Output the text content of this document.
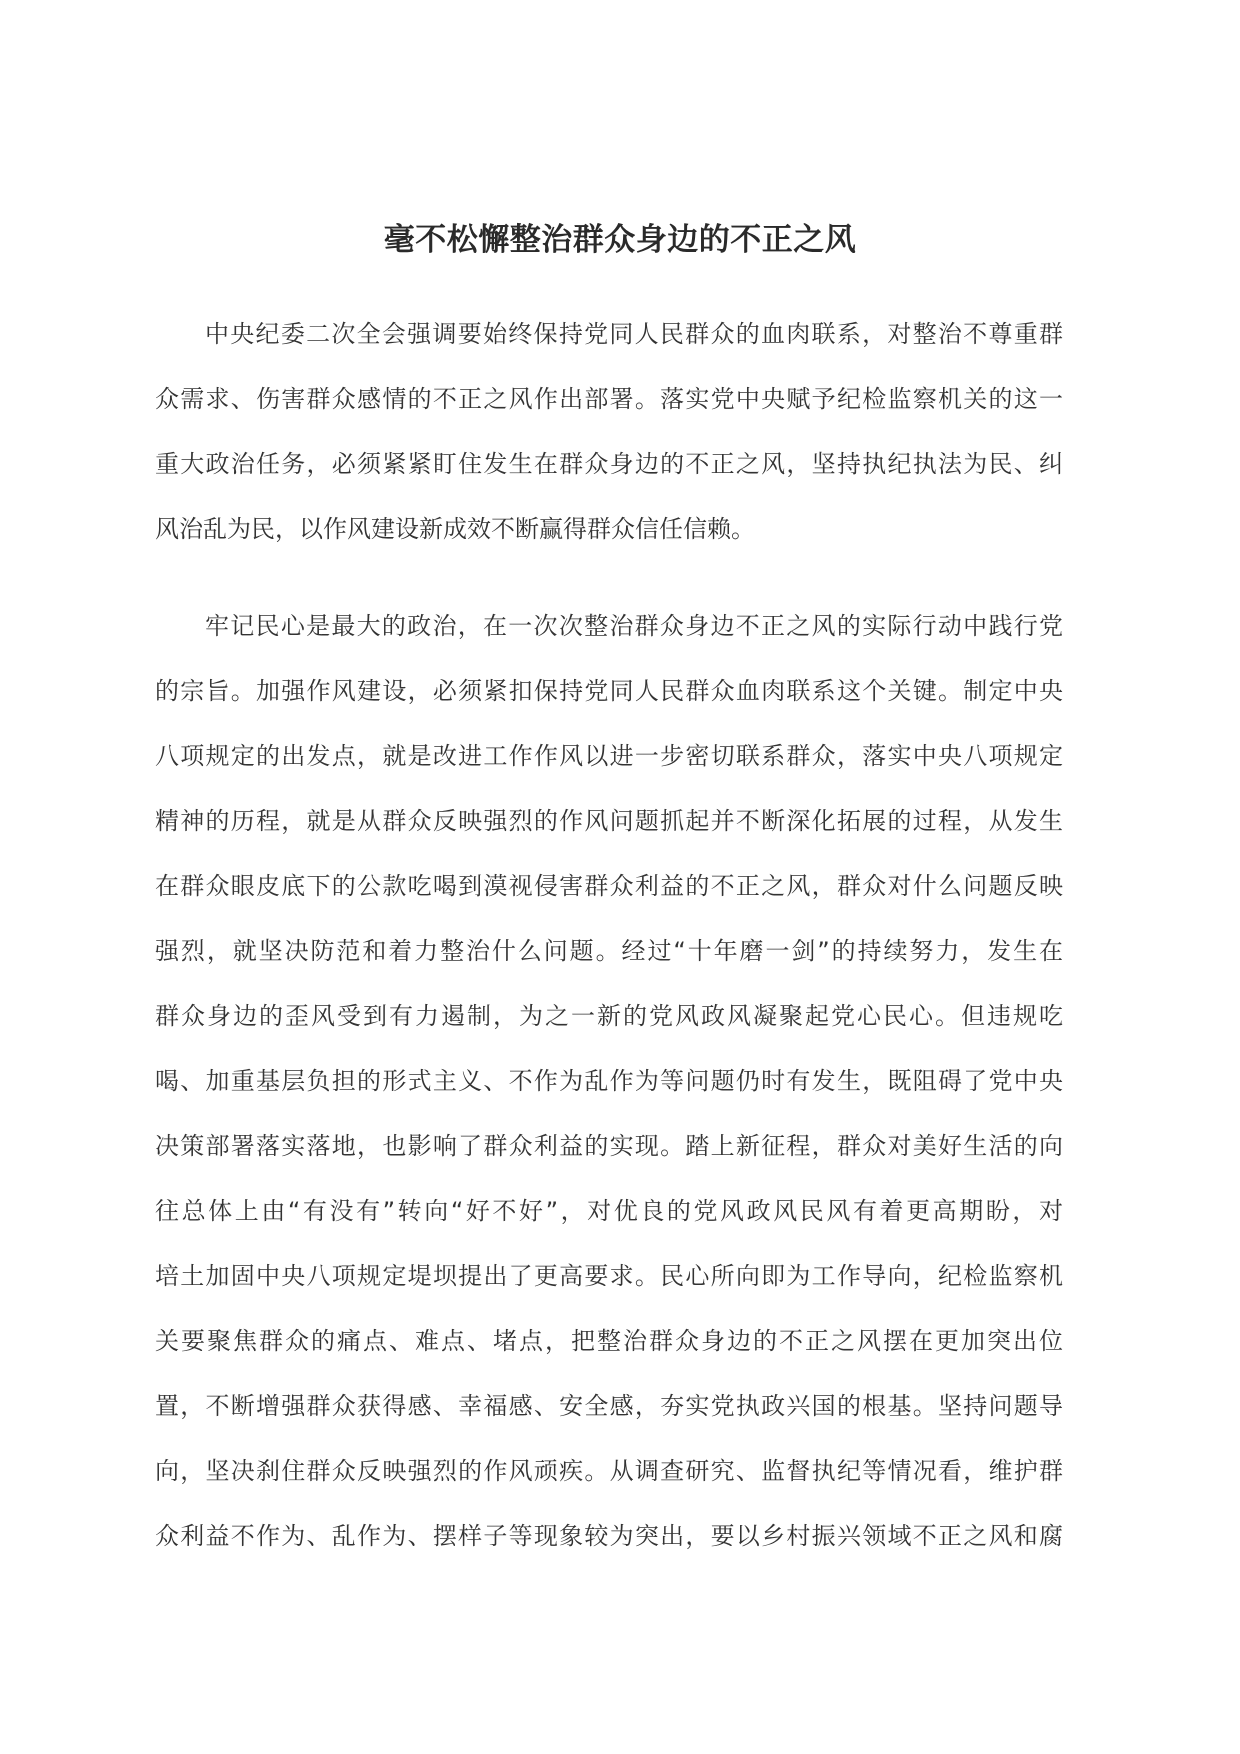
毫不松懈整治群众身边的不正之风
中央纪委二次全会强调要始终保持党同人民群众的血肉联系，对整治不尊重群
众需求、伤害群众感情的不正之风作出部署。落实党中央赋予纪检监察机关的这一
重大政治任务，必须紧紧盯住发生在群众身边的不正之风，坚持执纪执法为民、纠
风治乱为民，以作风建设新成效不断赢得群众信任信赖。
牢记民心是最大的政治，在一次次整治群众身边不正之风的实际行动中践行党
的宗旨。加强作风建设，必须紧扣保持党同人民群众血肉联系这个关键。制定中央
八项规定的出发点，就是改进工作作风以进一步密切联系群众，落实中央八项规定
精神的历程，就是从群众反映强烈的作风问题抓起并不断深化拓展的过程，从发生
在群众眼皮底下的公款吃喝到漠视侵害群众利益的不正之风，群众对什么问题反映
强烈，就坚决防范和着力整治什么问题。经过“十年磨一剑”的持续努力，发生在
群众身边的歪风受到有力遏制，为之一新的党风政风凝聚起党心民心。但违规吃
喝、加重基层负担的形式主义、不作为乱作为等问题仍时有发生，既阻碍了党中央
决策部署落实落地，也影响了群众利益的实现。踏上新征程，群众对美好生活的向
往总体上由“有没有”转向“好不好”，对优良的党风政风民风有着更高期盼，对
培土加固中央八项规定堤坝提出了更高要求。民心所向即为工作导向，纪检监察机
关要聚焦群众的痛点、难点、堵点，把整治群众身边的不正之风摆在更加突出位
置，不断增强群众获得感、幸福感、安全感，夯实党执政兴国的根基。坚持问题导
向，坚决刹住群众反映强烈的作风顽疾。从调查研究、监督执纪等情况看，维护群
众利益不作为、乱作为、摆样子等现象较为突出，要以乡村振兴领域不正之风和腐
